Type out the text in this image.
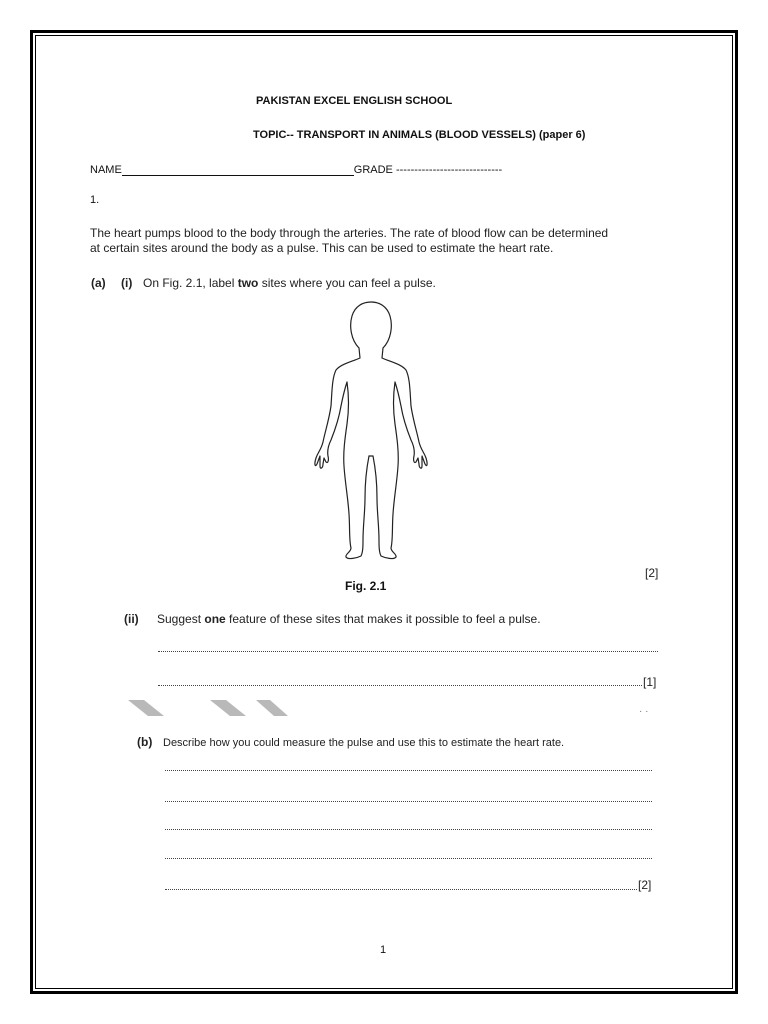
PAKISTAN EXCEL ENGLISH SCHOOL
TOPIC-- TRANSPORT IN ANIMALS (BLOOD VESSELS) (paper 6)
NAME	GRADE -----------------------------
1.
The heart pumps blood to the body through the arteries. The rate of blood flow can be determined
at certain sites around the body as a pulse. This can be used to estimate the heart rate.
(a) (i) On Fig. 2.1, label two sites where you can feel a pulse.
Fig. 2.1
[2]
(ii) Suggest one feature of these sites that makes it possible to feel a pulse.
[1]
· ·
(b) Describe how you could measure the pulse and use this to estimate the heart rate.
[2]
1
